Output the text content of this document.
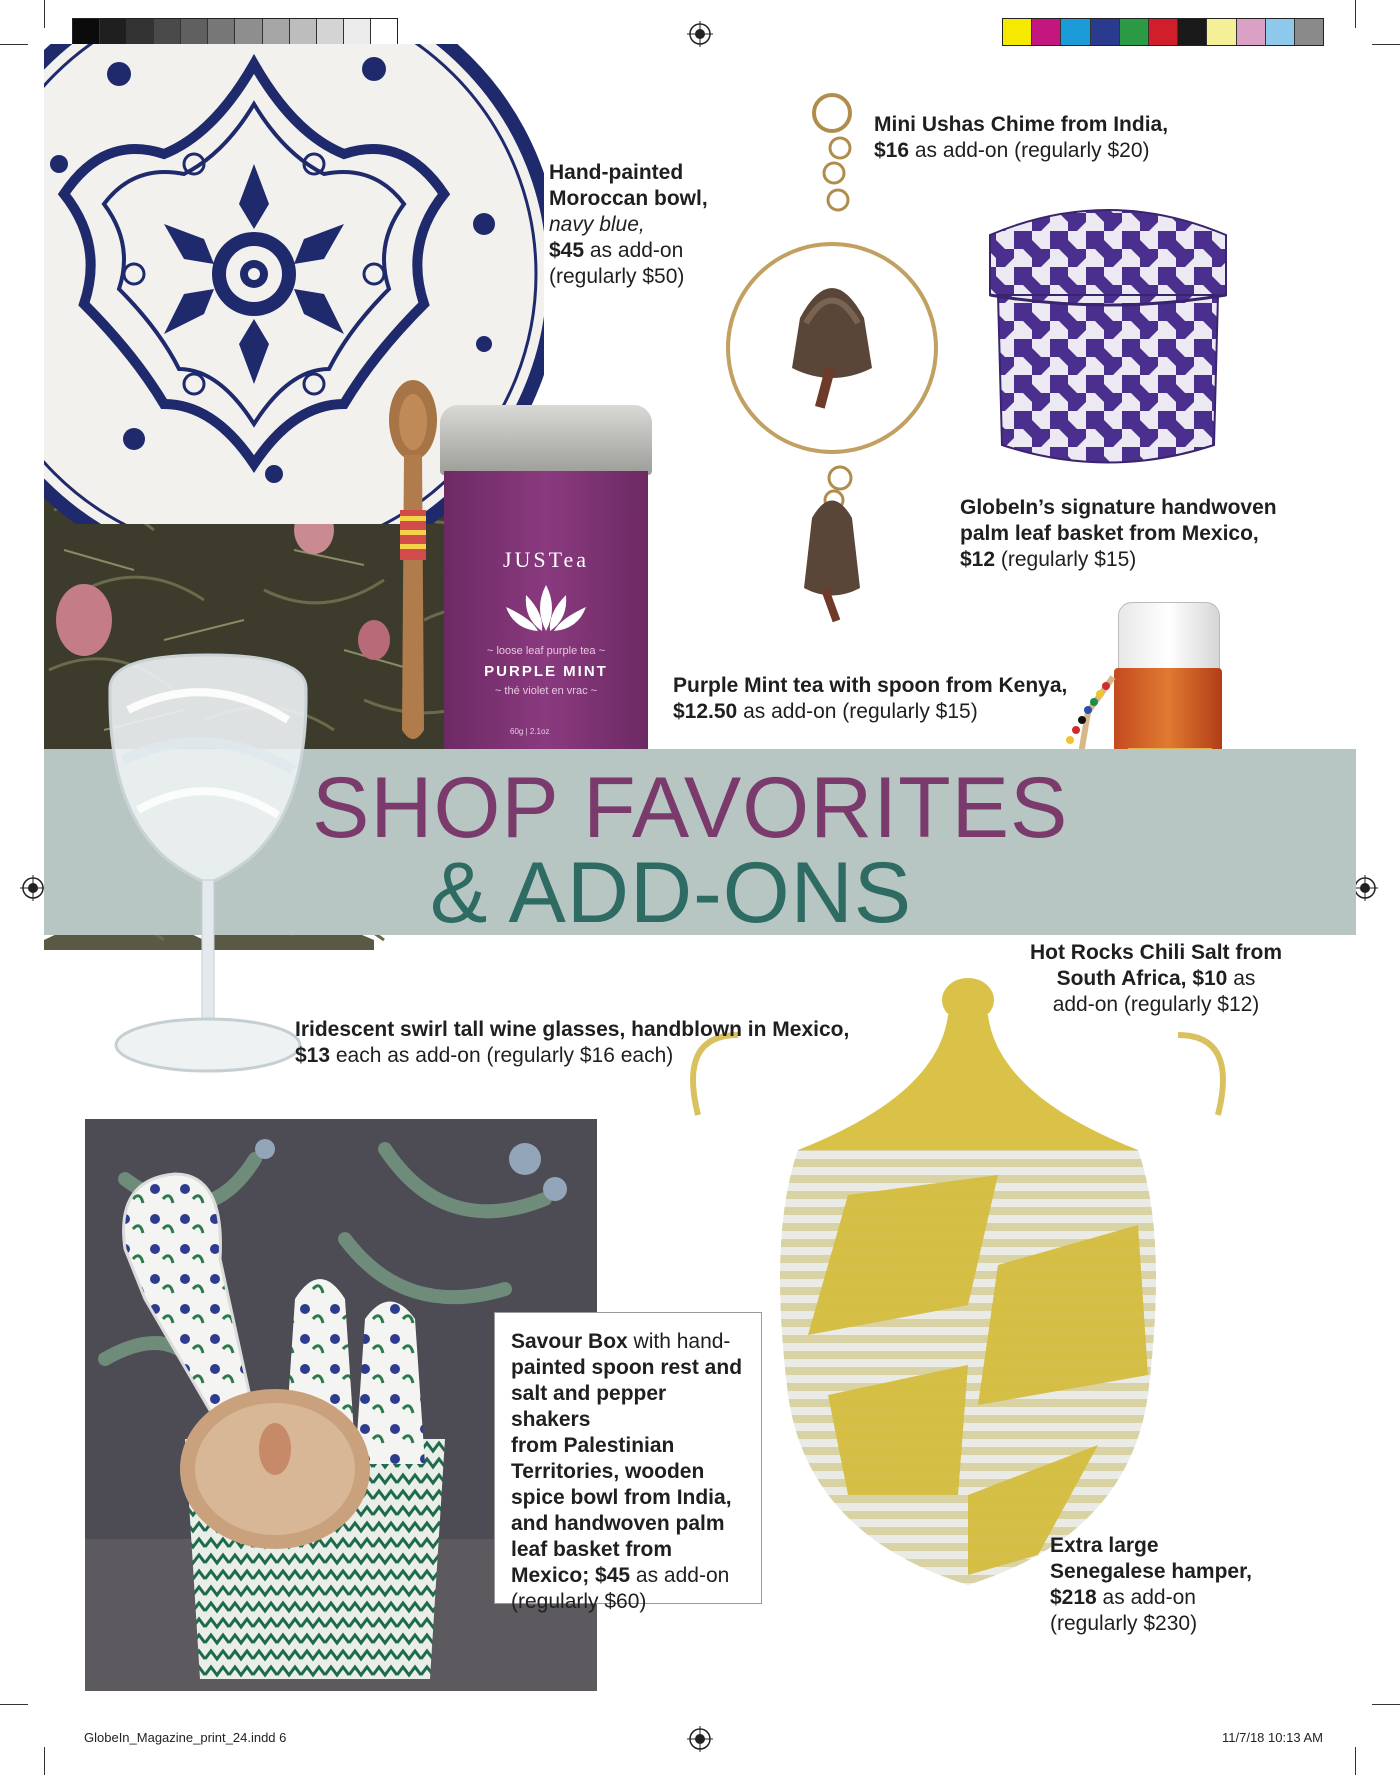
JUSTea
~ loose leaf purple tea ~
PURPLE MINT
~ thé violet en vrac ~
60g | 2.1oz
SHOP FAVORITES
& ADD-ONS
Hand-painted
Moroccan bowl,
navy blue,
$45 as add-on
(regularly $50)
Mini Ushas Chime from India,
$16 as add-on (regularly $20)
GlobeIn’s signature handwoven
palm leaf basket from Mexico,
$12 (regularly $15)
Purple Mint tea with spoon from Kenya,
$12.50 as add-on (regularly $15)
Hot Rocks Chili Salt from
South Africa, $10 as
add-on (regularly $12)
Iridescent swirl tall wine glasses, handblown in Mexico,
$13 each as add-on (regularly $16 each)
Savour Box with hand-
painted spoon rest and
salt and pepper shakers
from Palestinian
Territories, wooden
spice bowl from India,
and handwoven palm
leaf basket from
Mexico; $45 as add-on
(regularly $60)
Extra large
Senegalese hamper,
$218 as add-on
(regularly $230)
GlobeIn_Magazine_print_24.indd 6	11/7/18 10:13 AM
